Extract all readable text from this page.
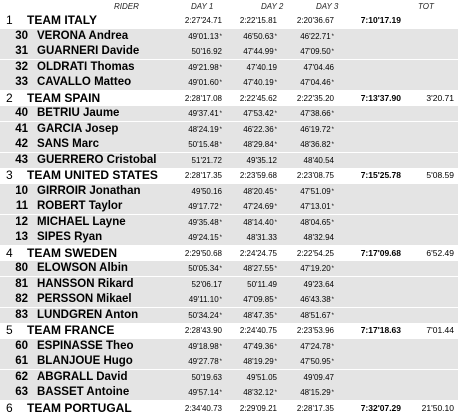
RIDER	DAY 1	DAY 2	DAY 3	TOT
1 TEAM ITALY	2:27'24.71	2:22'15.81	2:20'36.67	7:10'17.19
30 VERONA Andrea	49'01.13*	46'50.63*	46'22.71*
31 GUARNERI Davide	50'16.92	47'44.99*	47'09.50*
32 OLDRATI Thomas	49'21.98*	47'40.19	47'04.46
33 CAVALLO Matteo	49'01.60*	47'40.19*	47'04.46*
2 TEAM SPAIN	2:28'17.08	2:22'45.62	2:22'35.20	7:13'37.90	3'20.71
40 BETRIU Jaume	49'37.41*	47'53.42*	47'38.66*
41 GARCIA Josep	48'24.19*	46'22.36*	46'19.72*
42 SANS Marc	50'15.48*	48'29.84*	48'36.82*
43 GUERRERO Cristobal	51'21.72	49'35.12	48'40.54
3 TEAM UNITED STATES	2:28'17.35	2:23'59.68	2:23'08.75	7:15'25.78	5'08.59
10 GIRROIR Jonathan	49'50.16	48'20.45*	47'51.09*
11 ROBERT Taylor	49'17.72*	47'24.69*	47'13.01*
12 MICHAEL Layne	49'35.48*	48'14.40*	48'04.65*
13 SIPES Ryan	49'24.15*	48'31.33	48'32.94
4 TEAM SWEDEN	2:29'50.68	2:24'24.75	2:22'54.25	7:17'09.68	6'52.49
80 ELOWSON Albin	50'05.34*	48'27.55*	47'19.20*
81 HANSSON Rikard	52'06.17	50'11.49	49'23.64
82 PERSSON Mikael	49'11.10*	47'09.85*	46'43.38*
83 LUNDGREN Anton	50'34.24*	48'47.35*	48'51.67*
5 TEAM FRANCE	2:28'43.90	2:24'40.75	2:23'53.96	7:17'18.63	7'01.44
60 ESPINASSE Theo	49'18.98*	47'49.36*	47'24.78*
61 BLANJOUE Hugo	49'27.78*	48'19.29*	47'50.95*
62 ABGRALL David	50'19.63	49'51.05	49'09.47
63 BASSET Antoine	49'57.14*	48'32.12*	48'15.29*
6 TEAM PORTUGAL	2:34'40.73	2:29'09.21	2:28'17.35	7:32'07.29	21'50.10
